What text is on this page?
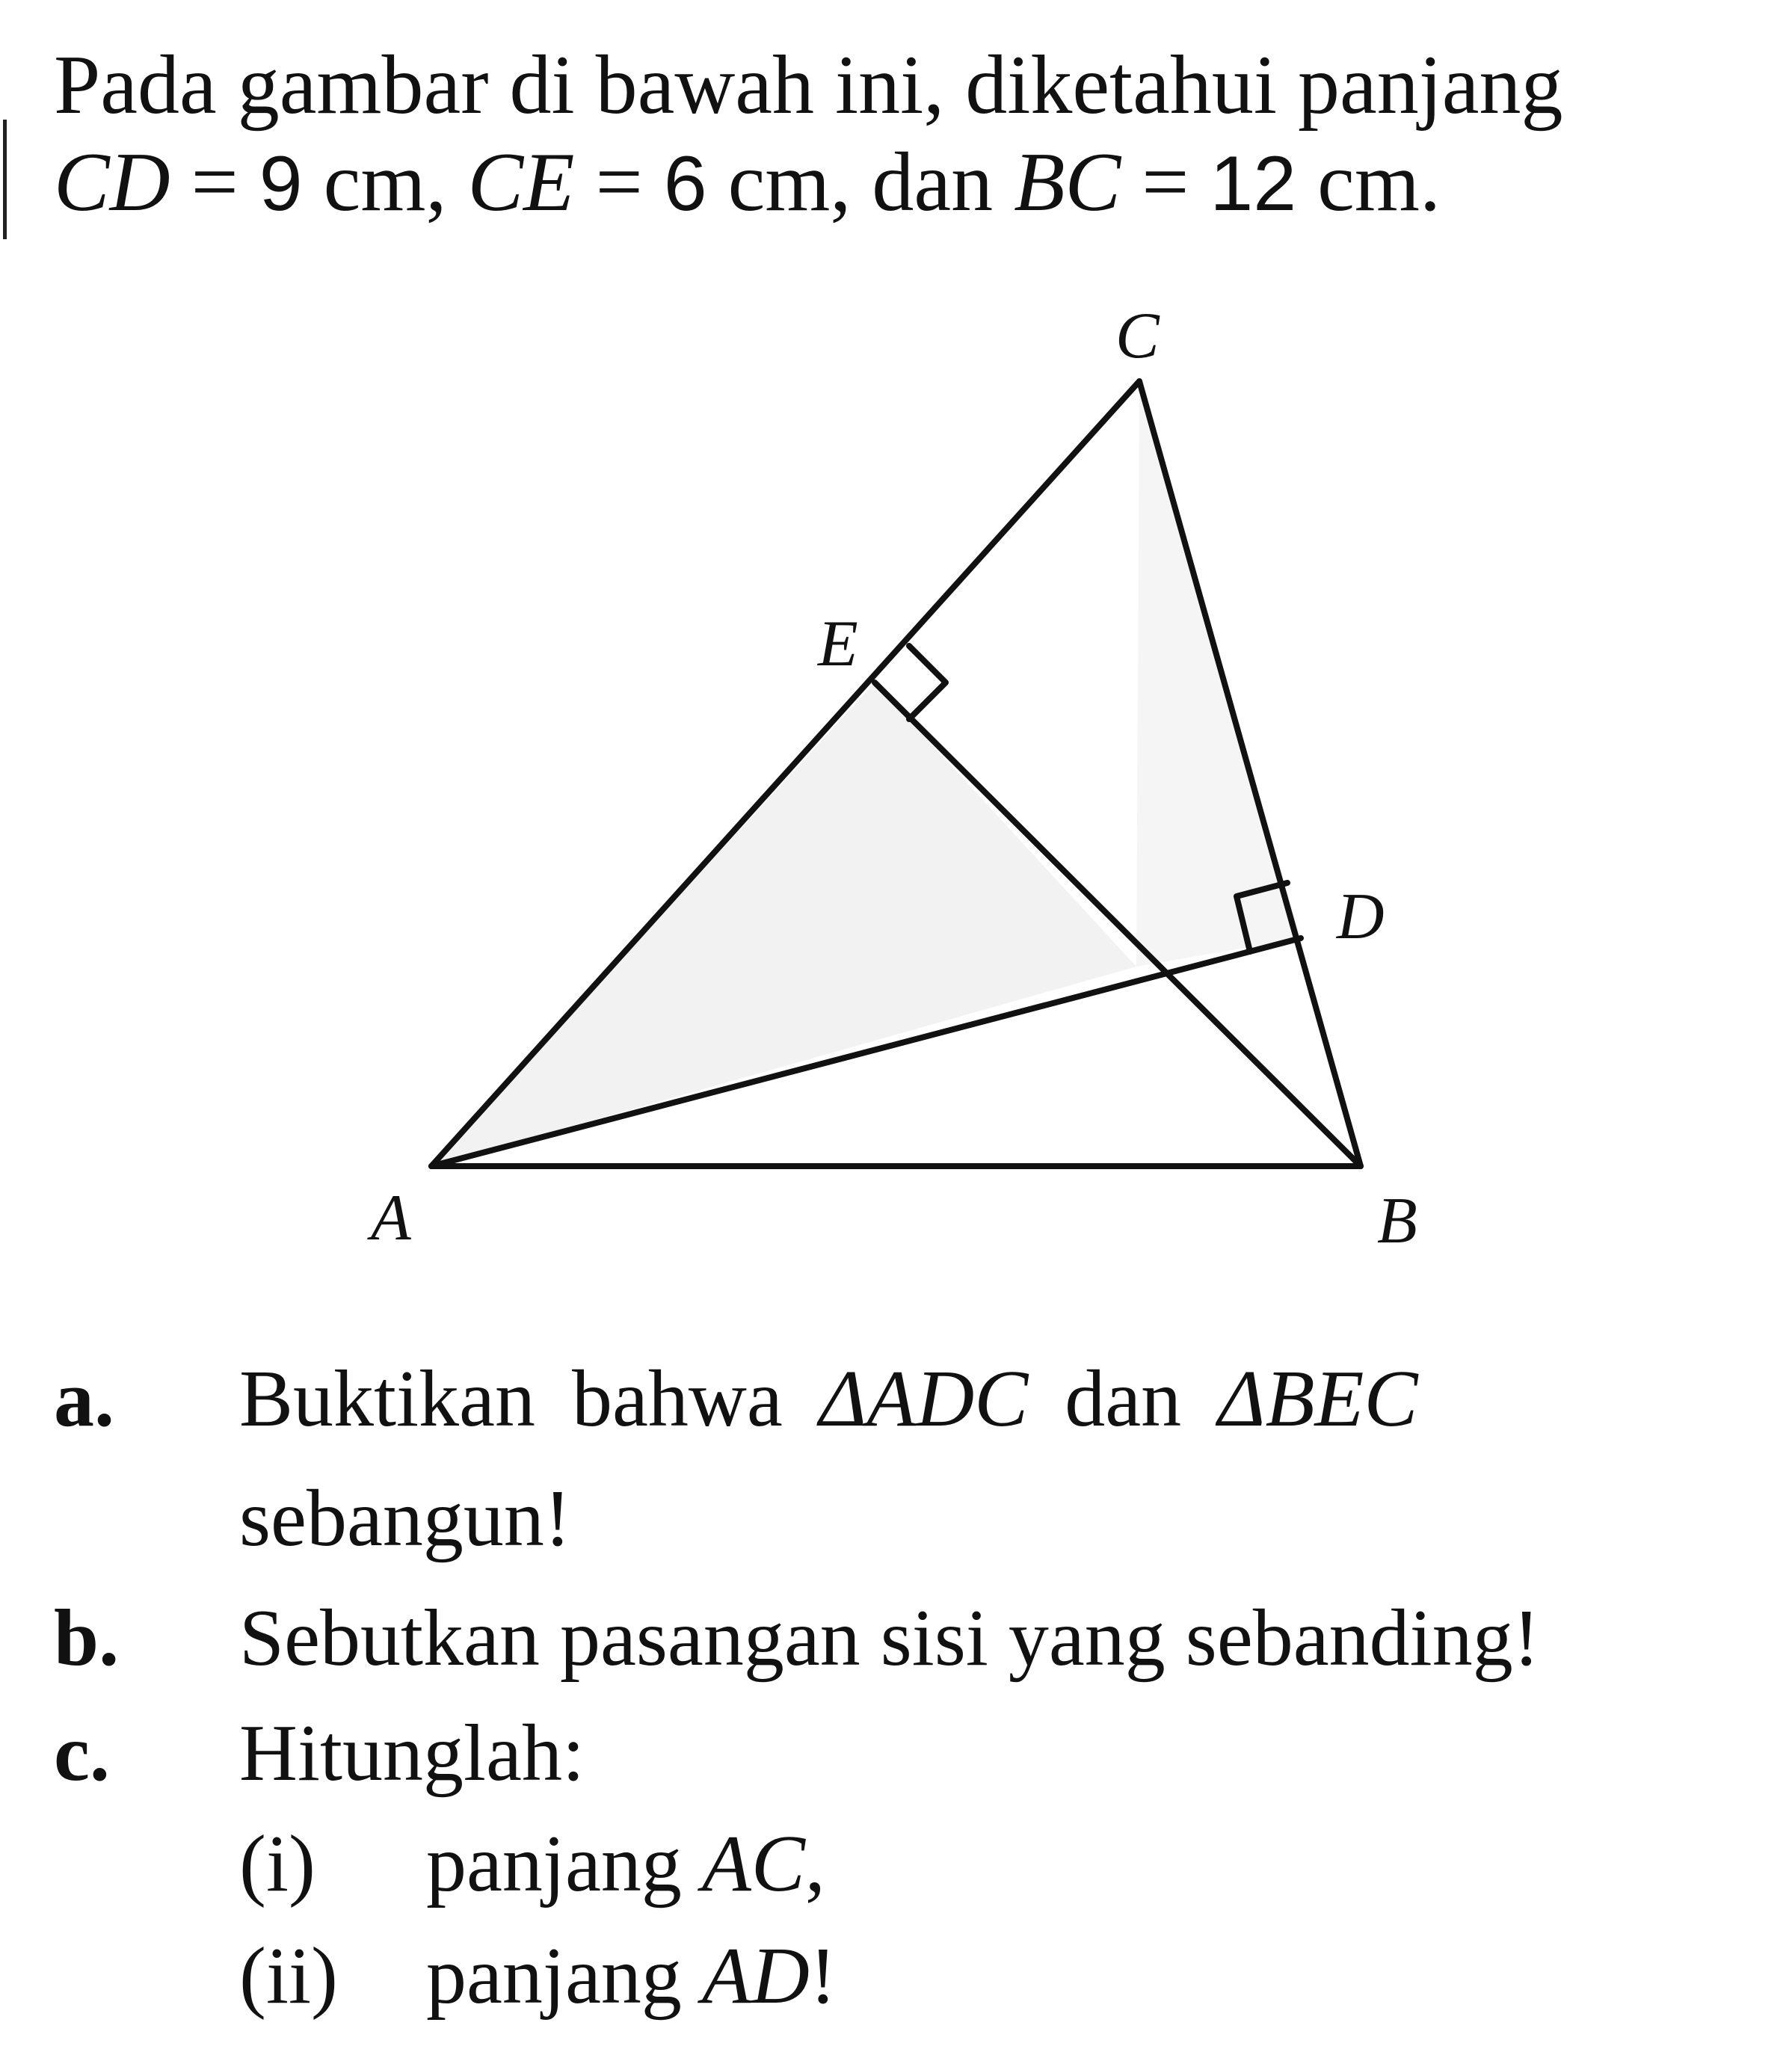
Pada gambar di bawah ini, diketahui panjang
CD = 9 cm, CE = 6 cm, dan BC = 12 cm.
C
E
D
A	B
a. Buktikan bahwa ΔADC dan ΔBEC
sebangun!
b. Sebutkan pasangan sisi yang sebanding!
c. Hitunglah:
(i) panjang AC,
(ii) panjang AD!
